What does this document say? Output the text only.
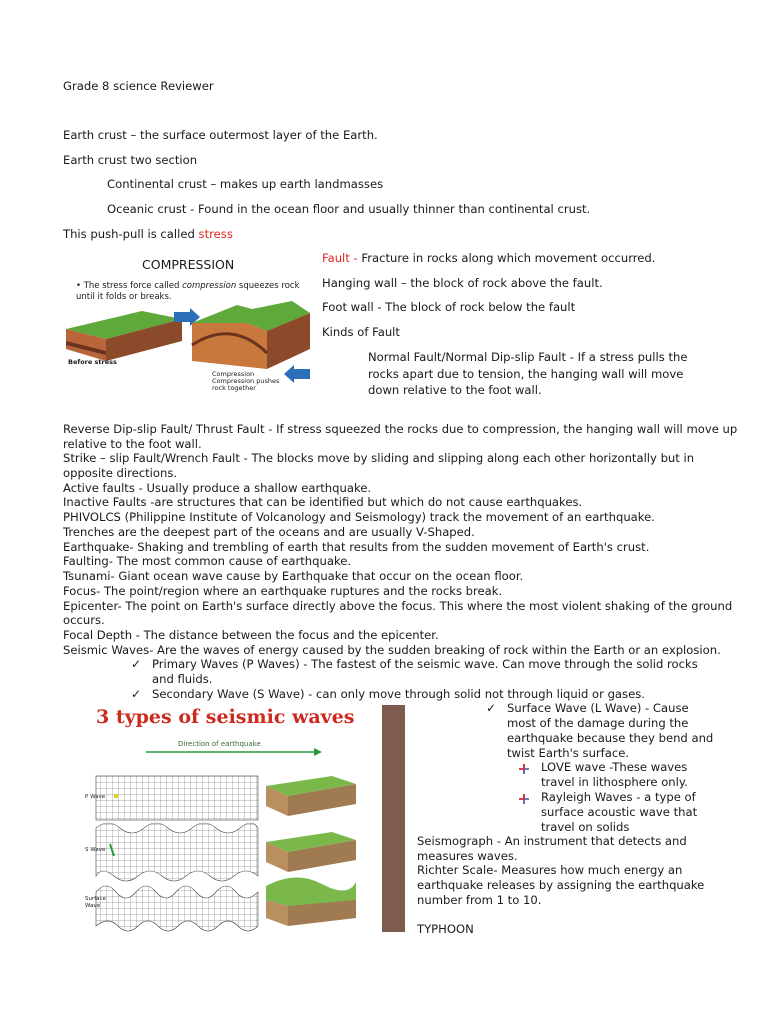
Grade 8 science Reviewer
Earth crust – the surface outermost layer of the Earth.
Earth crust two section
Continental crust – makes up earth landmasses
Oceanic crust - Found in the ocean floor and usually thinner than continental crust.
This push-pull is called stress
COMPRESSION
• The stress force called compression squeezes rock until it folds or breaks.
Before stress
Compression
Compression pushes rock together
Fault - Fracture in rocks along which movement occurred.
Hanging wall – the block of rock above the fault.
Foot wall - The block of rock below the fault
Kinds of Fault
Normal Fault/Normal Dip-slip Fault - If a stress pulls the rocks apart due to tension, the hanging wall will move down relative to the foot wall.
Reverse Dip-slip Fault/ Thrust Fault - If stress squeezed the rocks due to compression, the hanging wall will move up
relative to the foot wall.
Strike – slip Fault/Wrench Fault - The blocks move by sliding and slipping along each other horizontally but in
opposite directions.
Active faults - Usually produce a shallow earthquake.
Inactive Faults -are structures that can be identified but which do not cause earthquakes.
PHIVOLCS (Philippine Institute of Volcanology and Seismology) track the movement of an earthquake.
Trenches are the deepest part of the oceans and are usually V-Shaped.
Earthquake- Shaking and trembling of earth that results from the sudden movement of Earth's crust.
Faulting- The most common cause of earthquake.
Tsunami- Giant ocean wave cause by Earthquake that occur on the ocean floor.
Focus- The point/region where an earthquake ruptures and the rocks break.
Epicenter- The point on Earth's surface directly above the focus. This where the most violent shaking of the ground
occurs.
Focal Depth - The distance between the focus and the epicenter.
Seismic Waves- Are the waves of energy caused by the sudden breaking of rock within the Earth or an explosion.
✓ Primary Waves (P Waves) - The fastest of the seismic wave. Can move through the solid rocks and fluids.
✓ Secondary Wave (S Wave) - can only move through solid not through liquid or gases.
3 types of seismic waves
Direction of earthquake
P Wave
S Wave
Surface Wave
✓ Surface Wave (L Wave) - Cause most of the damage during the earthquake because they bend and twist Earth's surface.
LOVE wave -These waves travel in lithosphere only.
Rayleigh Waves - a type of surface acoustic wave that travel on solids
Seismograph - An instrument that detects and measures waves.
Richter Scale- Measures how much energy an earthquake releases by assigning the earthquake number from 1 to 10.
TYPHOON
